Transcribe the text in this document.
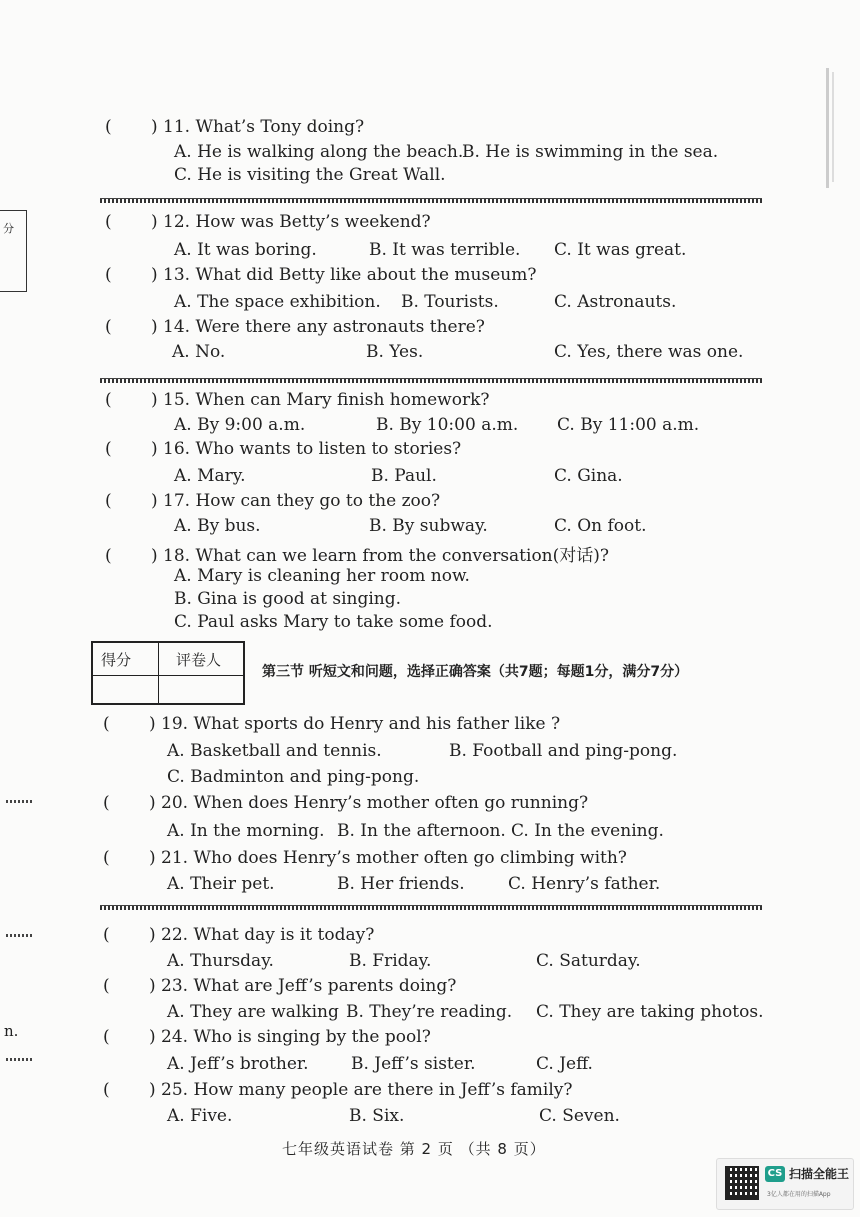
分
n.
( ) 11. What’s Tony doing?
A. He is walking along the beach.
B. He is swimming in the sea.
C. He is visiting the Great Wall.
( ) 12. How was Betty’s weekend?
A. It was boring.	B. It was terrible. C. It was great.
( ) 13. What did Betty like about the museum?
A. The space exhibition. B. Tourists.	C. Astronauts.
( ) 14. Were there any astronauts there?
A. No.	B. Yes.	C. Yes, there was one.
( ) 15. When can Mary finish homework?
A. By 9:00 a.m.	B. By 10:00 a.m. C. By 11:00 a.m.
( ) 16. Who wants to listen to stories?
A. Mary.	B. Paul.	C. Gina.
( ) 17. How can they go to the zoo?
A. By bus.	B. By subway.	C. On foot.
( ) 18. What can we learn from the conversation(对话)?
A. Mary is cleaning her room now.
B. Gina is good at singing.
C. Paul asks Mary to take some food.
得分	评卷人
第三节 听短文和问题，选择正确答案（共7题；每题1分，满分7分）
( ) 19. What sports do Henry and his father like ?
A. Basketball and tennis.	B. Football and ping-pong.
C. Badminton and ping-pong.
( ) 20. When does Henry’s mother often go running?
A. In the morning. B. In the afternoon. C. In the evening.
( ) 21. Who does Henry’s mother often go climbing with?
A. Their pet.	B. Her friends.	C. Henry’s father.
( ) 22. What day is it today?
A. Thursday.	B. Friday.	C. Saturday.
( ) 23. What are Jeff’s parents doing?
A. They are walking B. They’re reading. C. They are taking photos.
( ) 24. Who is singing by the pool?
A. Jeff’s brother. B. Jeff’s sister.	C. Jeff.
( ) 25. How many people are there in Jeff’s family?
A. Five.	B. Six.	C. Seven.
七年级英语试卷 第 2 页 （共 8 页）
CS 扫描全能王
3亿人都在用的扫描App
